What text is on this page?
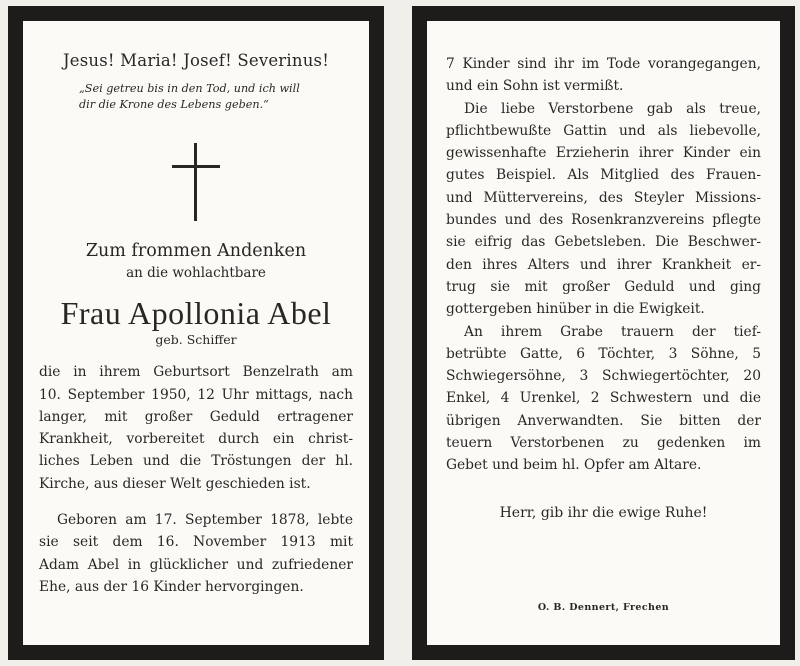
Jesus! Maria! Josef! Severinus!

„Sei getreu bis in den Tod, und ich will
dir die Krone des Lebens geben.“

Zum frommen Andenken

an die wohlachtbare

Frau Apollonia Abel

geb. Schiffer

die in ihrem Geburtsort Benzelrath am
10. September 1950, 12 Uhr mittags, nach
langer, mit großer Geduld ertragener
Krankheit, vorbereitet durch ein christ-
liches Leben und die Tröstungen der hl.
Kirche, aus dieser Welt geschieden ist.
Geboren am 17. September 1878, lebte
sie seit dem 16. November 1913 mit
Adam Abel in glücklicher und zufriedener
Ehe, aus der 16 Kinder hervorgingen.
7 Kinder sind ihr im Tode vorangegangen,
und ein Sohn ist vermißt.
Die liebe Verstorbene gab als treue,
pflichtbewußte Gattin und als liebevolle,
gewissenhafte Erzieherin ihrer Kinder ein
gutes Beispiel. Als Mitglied des Frauen-
und Müttervereins, des Steyler Missions-
bundes und des Rosenkranzvereins pflegte
sie eifrig das Gebetsleben. Die Beschwer-
den ihres Alters und ihrer Krankheit er-
trug sie mit großer Geduld und ging
gottergeben hinüber in die Ewigkeit.
An ihrem Grabe trauern der tief-
betrübte Gatte, 6 Töchter, 3 Söhne, 5
Schwiegersöhne, 3 Schwiegertöchter, 20
Enkel, 4 Urenkel, 2 Schwestern und die
übrigen Anverwandten. Sie bitten der
teuern Verstorbenen zu gedenken im
Gebet und beim hl. Opfer am Altare.

Herr, gib ihr die ewige Ruhe!

O. B. Dennert, Frechen
